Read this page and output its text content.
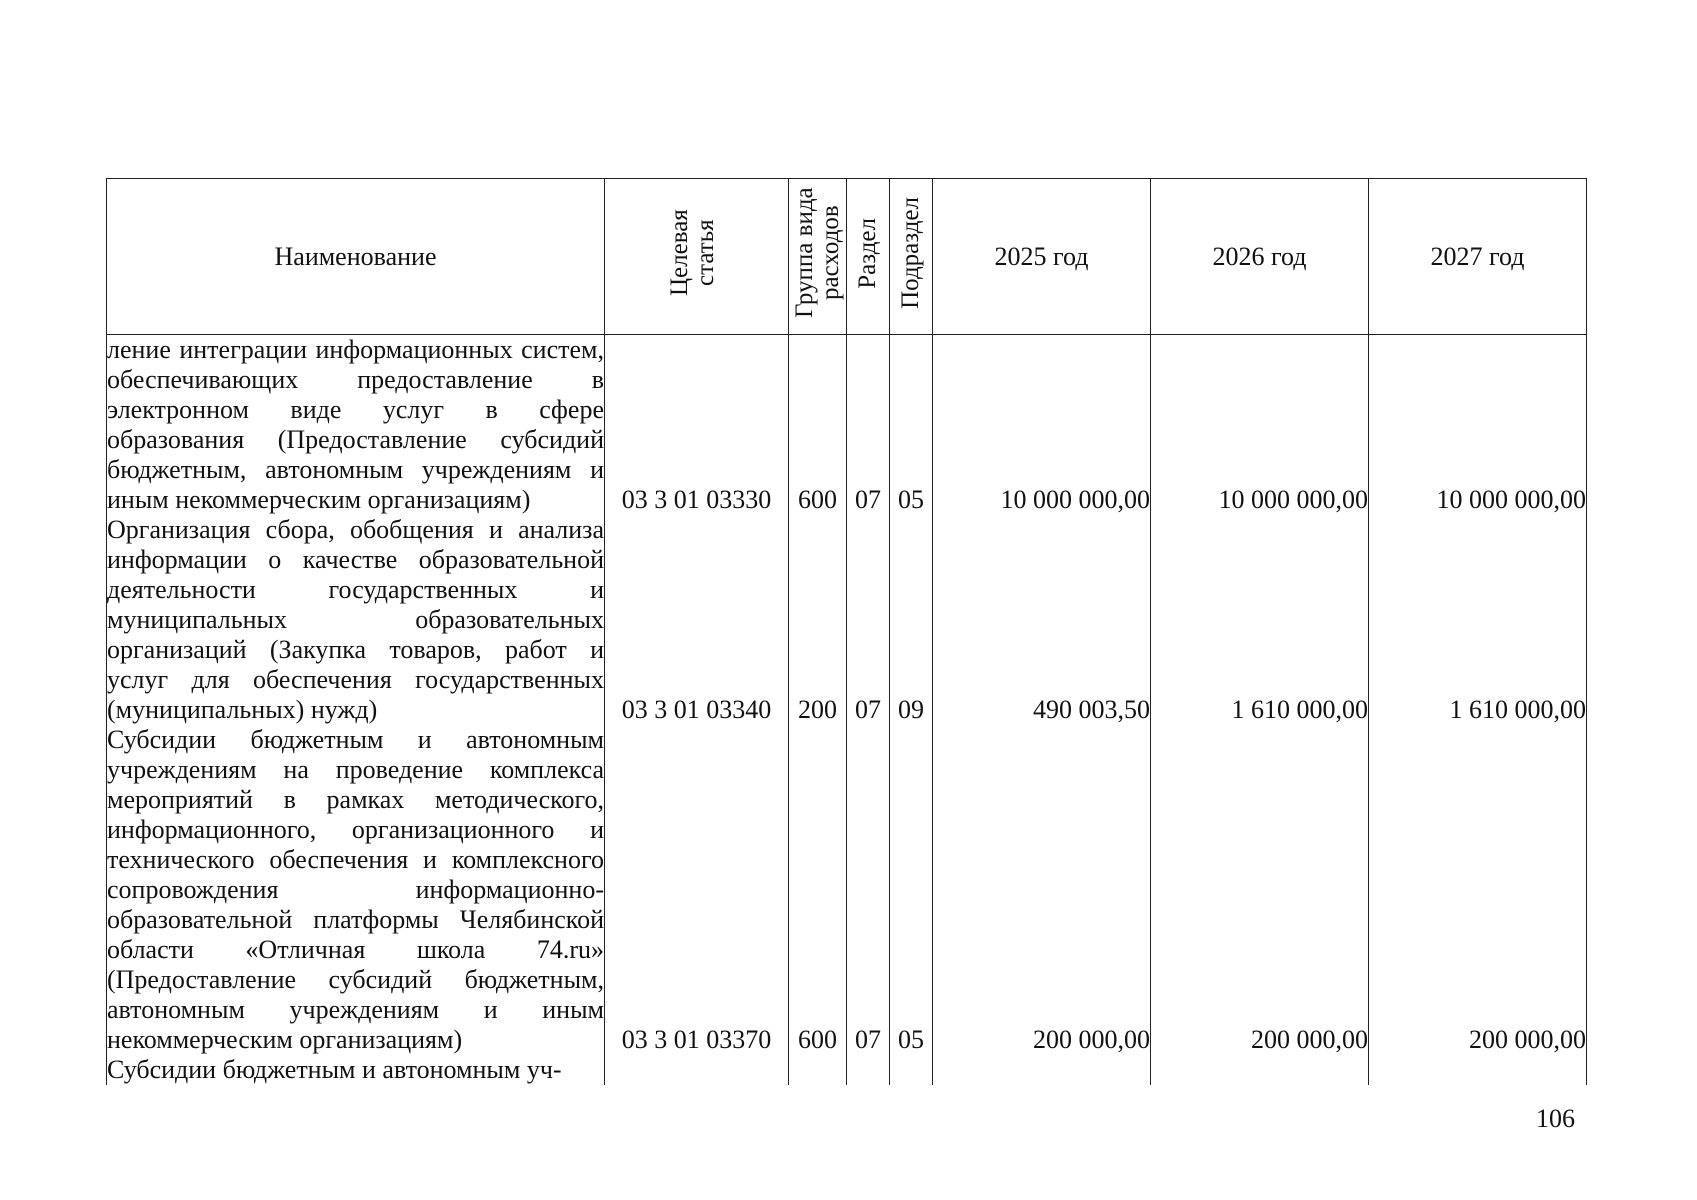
Наименование	Целевая статья	Группа вида расходов	Раздел	Подраздел	2025 год	2026 год	2027 год
ление интеграции информационных систем, обеспечивающих предоставление в электронном виде услуг в сфере образования (Предоставление субсидий бюджетным, автономным учреждениям и иным некоммерческим организациям)	03 3 01 03330	600	07	05	10 000 000,00	10 000 000,00	10 000 000,00
Организация сбора, обобщения и анализа информации о качестве образовательной деятельности государственных и муниципальных образовательных организаций (Закупка товаров, работ и услуг для обеспечения государственных (муниципальных) нужд)	03 3 01 03340	200	07	09	490 003,50	1 610 000,00	1 610 000,00
Субсидии бюджетным и автономным учреждениям на проведение комплекса мероприятий в рамках методического, информационного, организационного и технического обеспечения и комплексного сопровождения информационно-образовательной платформы Челябинской области «Отличная школа 74.ru» (Предоставление субсидий бюджетным, автономным учреждениям и иным некоммерческим организациям)	03 3 01 03370	600	07	05	200 000,00	200 000,00	200 000,00
Субсидии бюджетным и автономным уч-							
106
